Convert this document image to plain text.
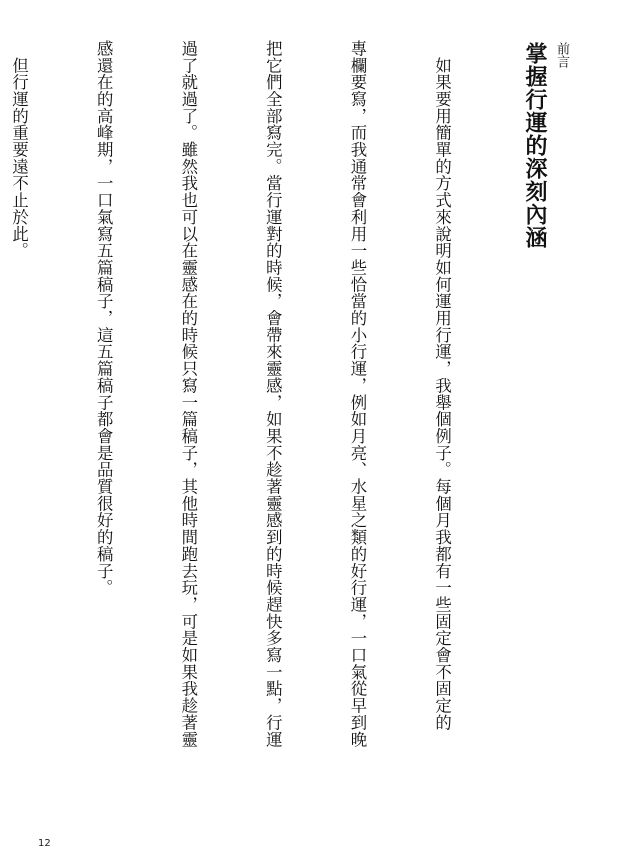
前言
掌握行運的深刻內涵

　如果要用簡單的方式來說明如何運用行運，我舉個例子。每個月我都有一些固定會不固定的

專欄要寫，而我通常會利用一些恰當的小行運，例如月亮、水星之類的好行運，一口氣從早到晚

把它們全部寫完。當行運對的時候，會帶來靈感，如果不趁著靈感到的時候趕快多寫一點，行運

過了就過了。雖然我也可以在靈感在的時候只寫一篇稿子，其他時間跑去玩，可是如果我趁著靈

感還在的高峰期，一口氣寫五篇稿子，這五篇稿子都會是品質很好的稿子。

　但行運的重要遠不止於此。

12
